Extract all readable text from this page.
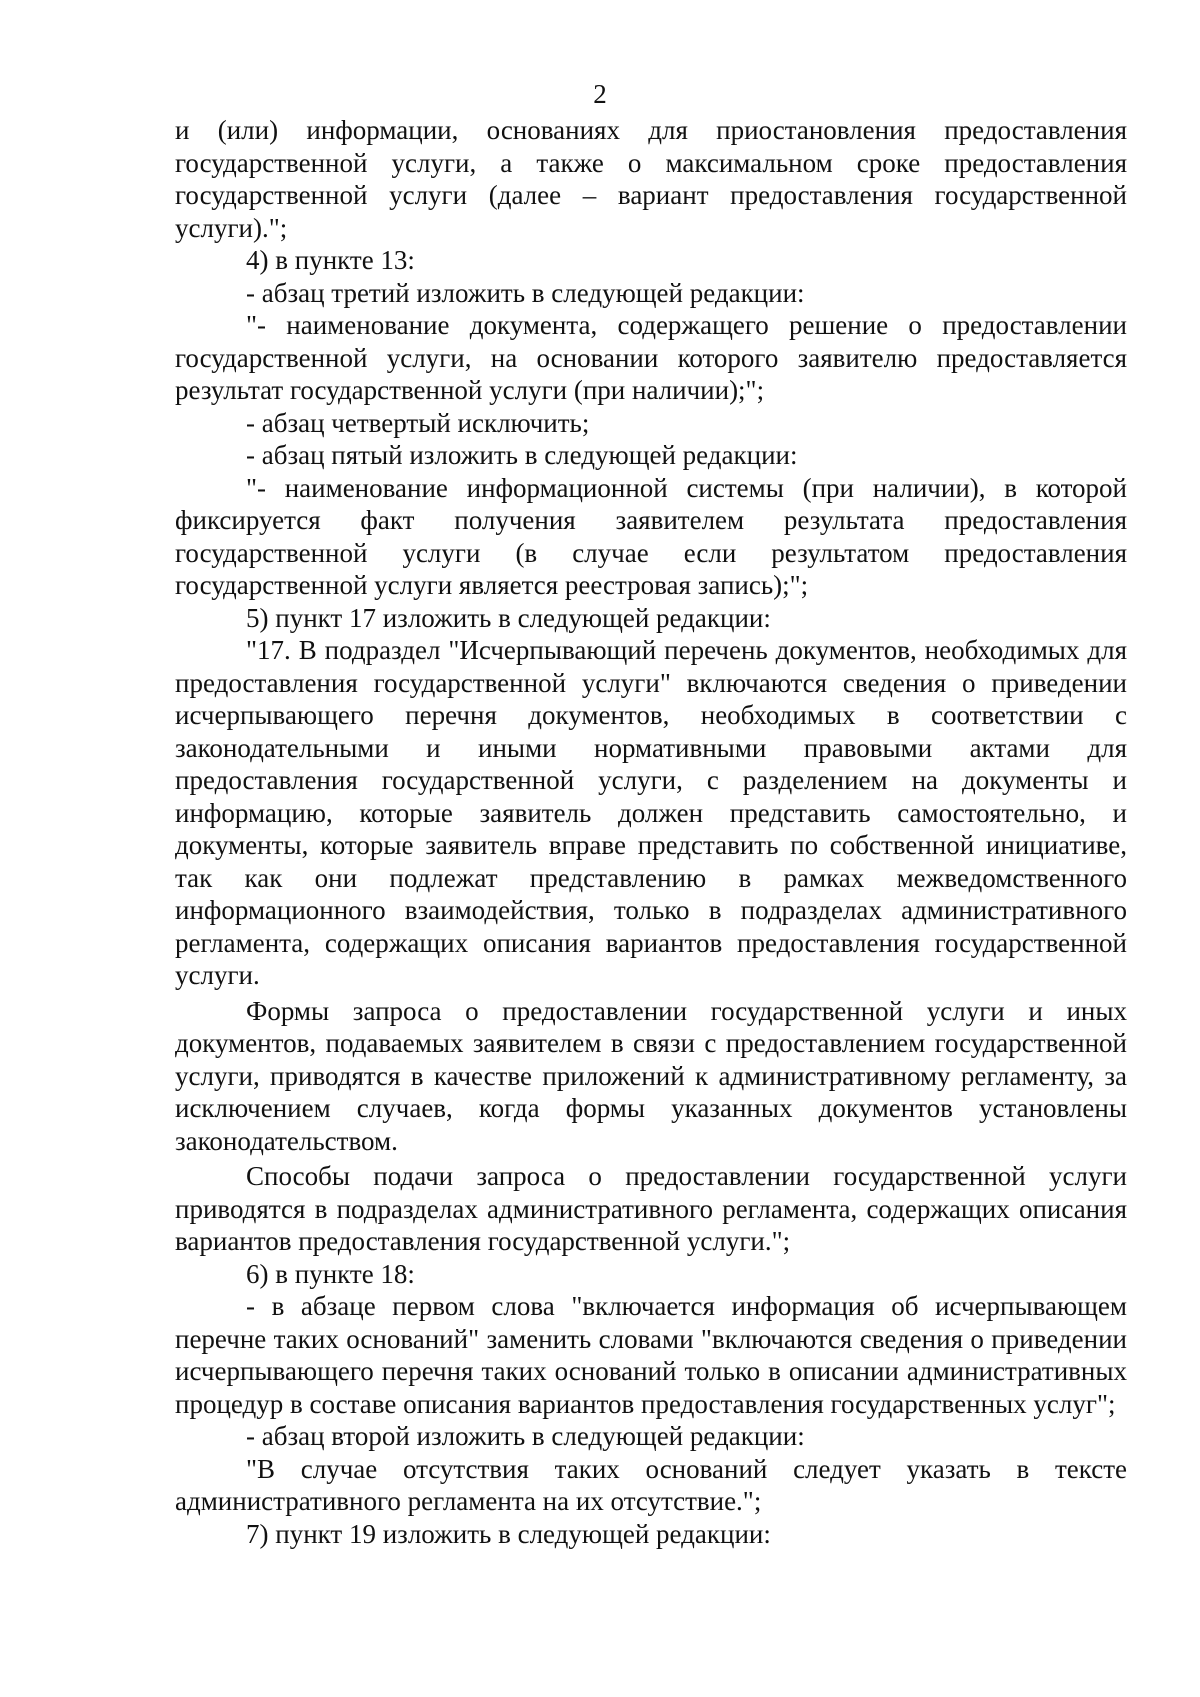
2

и (или) информации, основаниях для приостановления предоставления государственной услуги, а также о максимальном сроке предоставления государственной услуги (далее – вариант предоставления государственной услуги).";

4) в пункте 13:

- абзац третий изложить в следующей редакции:

"- наименование документа, содержащего решение о предоставлении государственной услуги, на основании которого заявителю предоставляется результат государственной услуги (при наличии);";

- абзац четвертый исключить;

- абзац пятый изложить в следующей редакции:

"- наименование информационной системы (при наличии), в которой фиксируется факт получения заявителем результата предоставления государственной услуги (в случае если результатом предоставления государственной услуги является реестровая запись);";

5) пункт 17 изложить в следующей редакции:

"17. В подраздел "Исчерпывающий перечень документов, необходимых для предоставления государственной услуги" включаются сведения о приведении исчерпывающего перечня документов, необходимых в соответствии с законодательными и иными нормативными правовыми актами для предоставления государственной услуги, с разделением на документы и информацию, которые заявитель должен представить самостоятельно, и документы, которые заявитель вправе представить по собственной инициативе, так как они подлежат представлению в рамках межведомственного информационного взаимодействия, только в подразделах административного регламента, содержащих описания вариантов предоставления государственной услуги.

Формы запроса о предоставлении государственной услуги и иных документов, подаваемых заявителем в связи с предоставлением государственной услуги, приводятся в качестве приложений к административному регламенту, за исключением случаев, когда формы указанных документов установлены законодательством.

Способы подачи запроса о предоставлении государственной услуги приводятся в подразделах административного регламента, содержащих описания вариантов предоставления государственной услуги.";

6) в пункте 18:

- в абзаце первом слова "включается информация об исчерпывающем перечне таких оснований" заменить словами "включаются сведения о приведении исчерпывающего перечня таких оснований только в описании административных процедур в составе описания вариантов предоставления государственных услуг";

- абзац второй изложить в следующей редакции:

"В случае отсутствия таких оснований следует указать в тексте административного регламента на их отсутствие.";

7) пункт 19 изложить в следующей редакции:
